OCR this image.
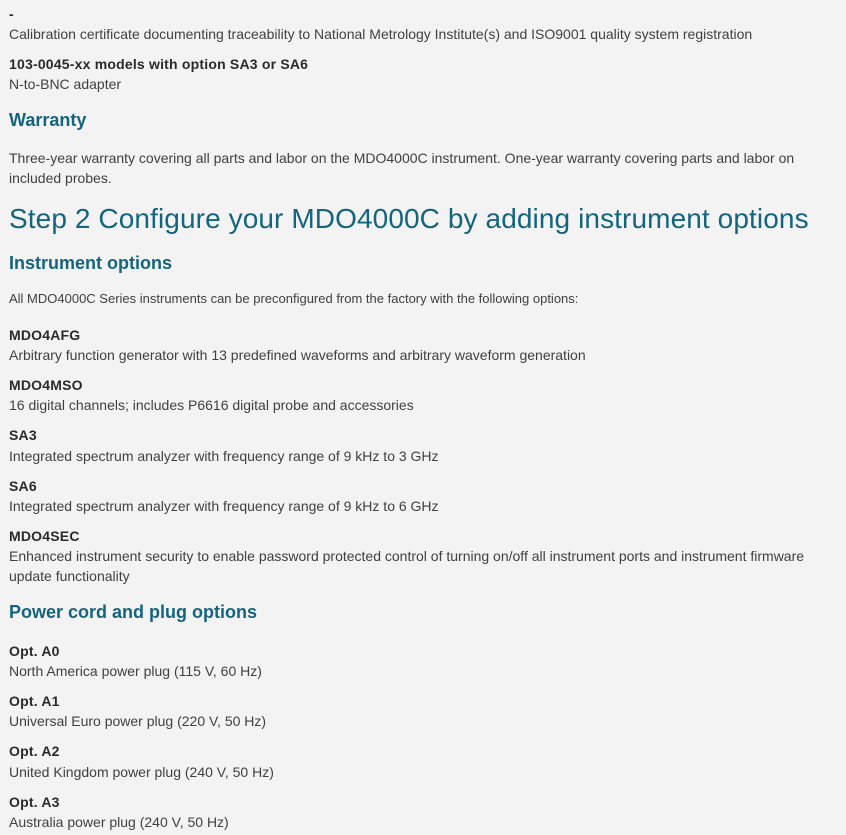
-
Calibration certificate documenting traceability to National Metrology Institute(s) and ISO9001 quality system registration
103-0045-xx models with option SA3 or SA6
N-to-BNC adapter
Warranty
Three-year warranty covering all parts and labor on the MDO4000C instrument. One-year warranty covering parts and labor on included probes.
Step 2 Configure your MDO4000C by adding instrument options
Instrument options
All MDO4000C Series instruments can be preconfigured from the factory with the following options:
MDO4AFG
Arbitrary function generator with 13 predefined waveforms and arbitrary waveform generation
MDO4MSO
16 digital channels; includes P6616 digital probe and accessories
SA3
Integrated spectrum analyzer with frequency range of 9 kHz to 3 GHz
SA6
Integrated spectrum analyzer with frequency range of 9 kHz to 6 GHz
MDO4SEC
Enhanced instrument security to enable password protected control of turning on/off all instrument ports and instrument firmware update functionality
Power cord and plug options
Opt. A0
North America power plug (115 V, 60 Hz)
Opt. A1
Universal Euro power plug (220 V, 50 Hz)
Opt. A2
United Kingdom power plug (240 V, 50 Hz)
Opt. A3
Australia power plug (240 V, 50 Hz)
